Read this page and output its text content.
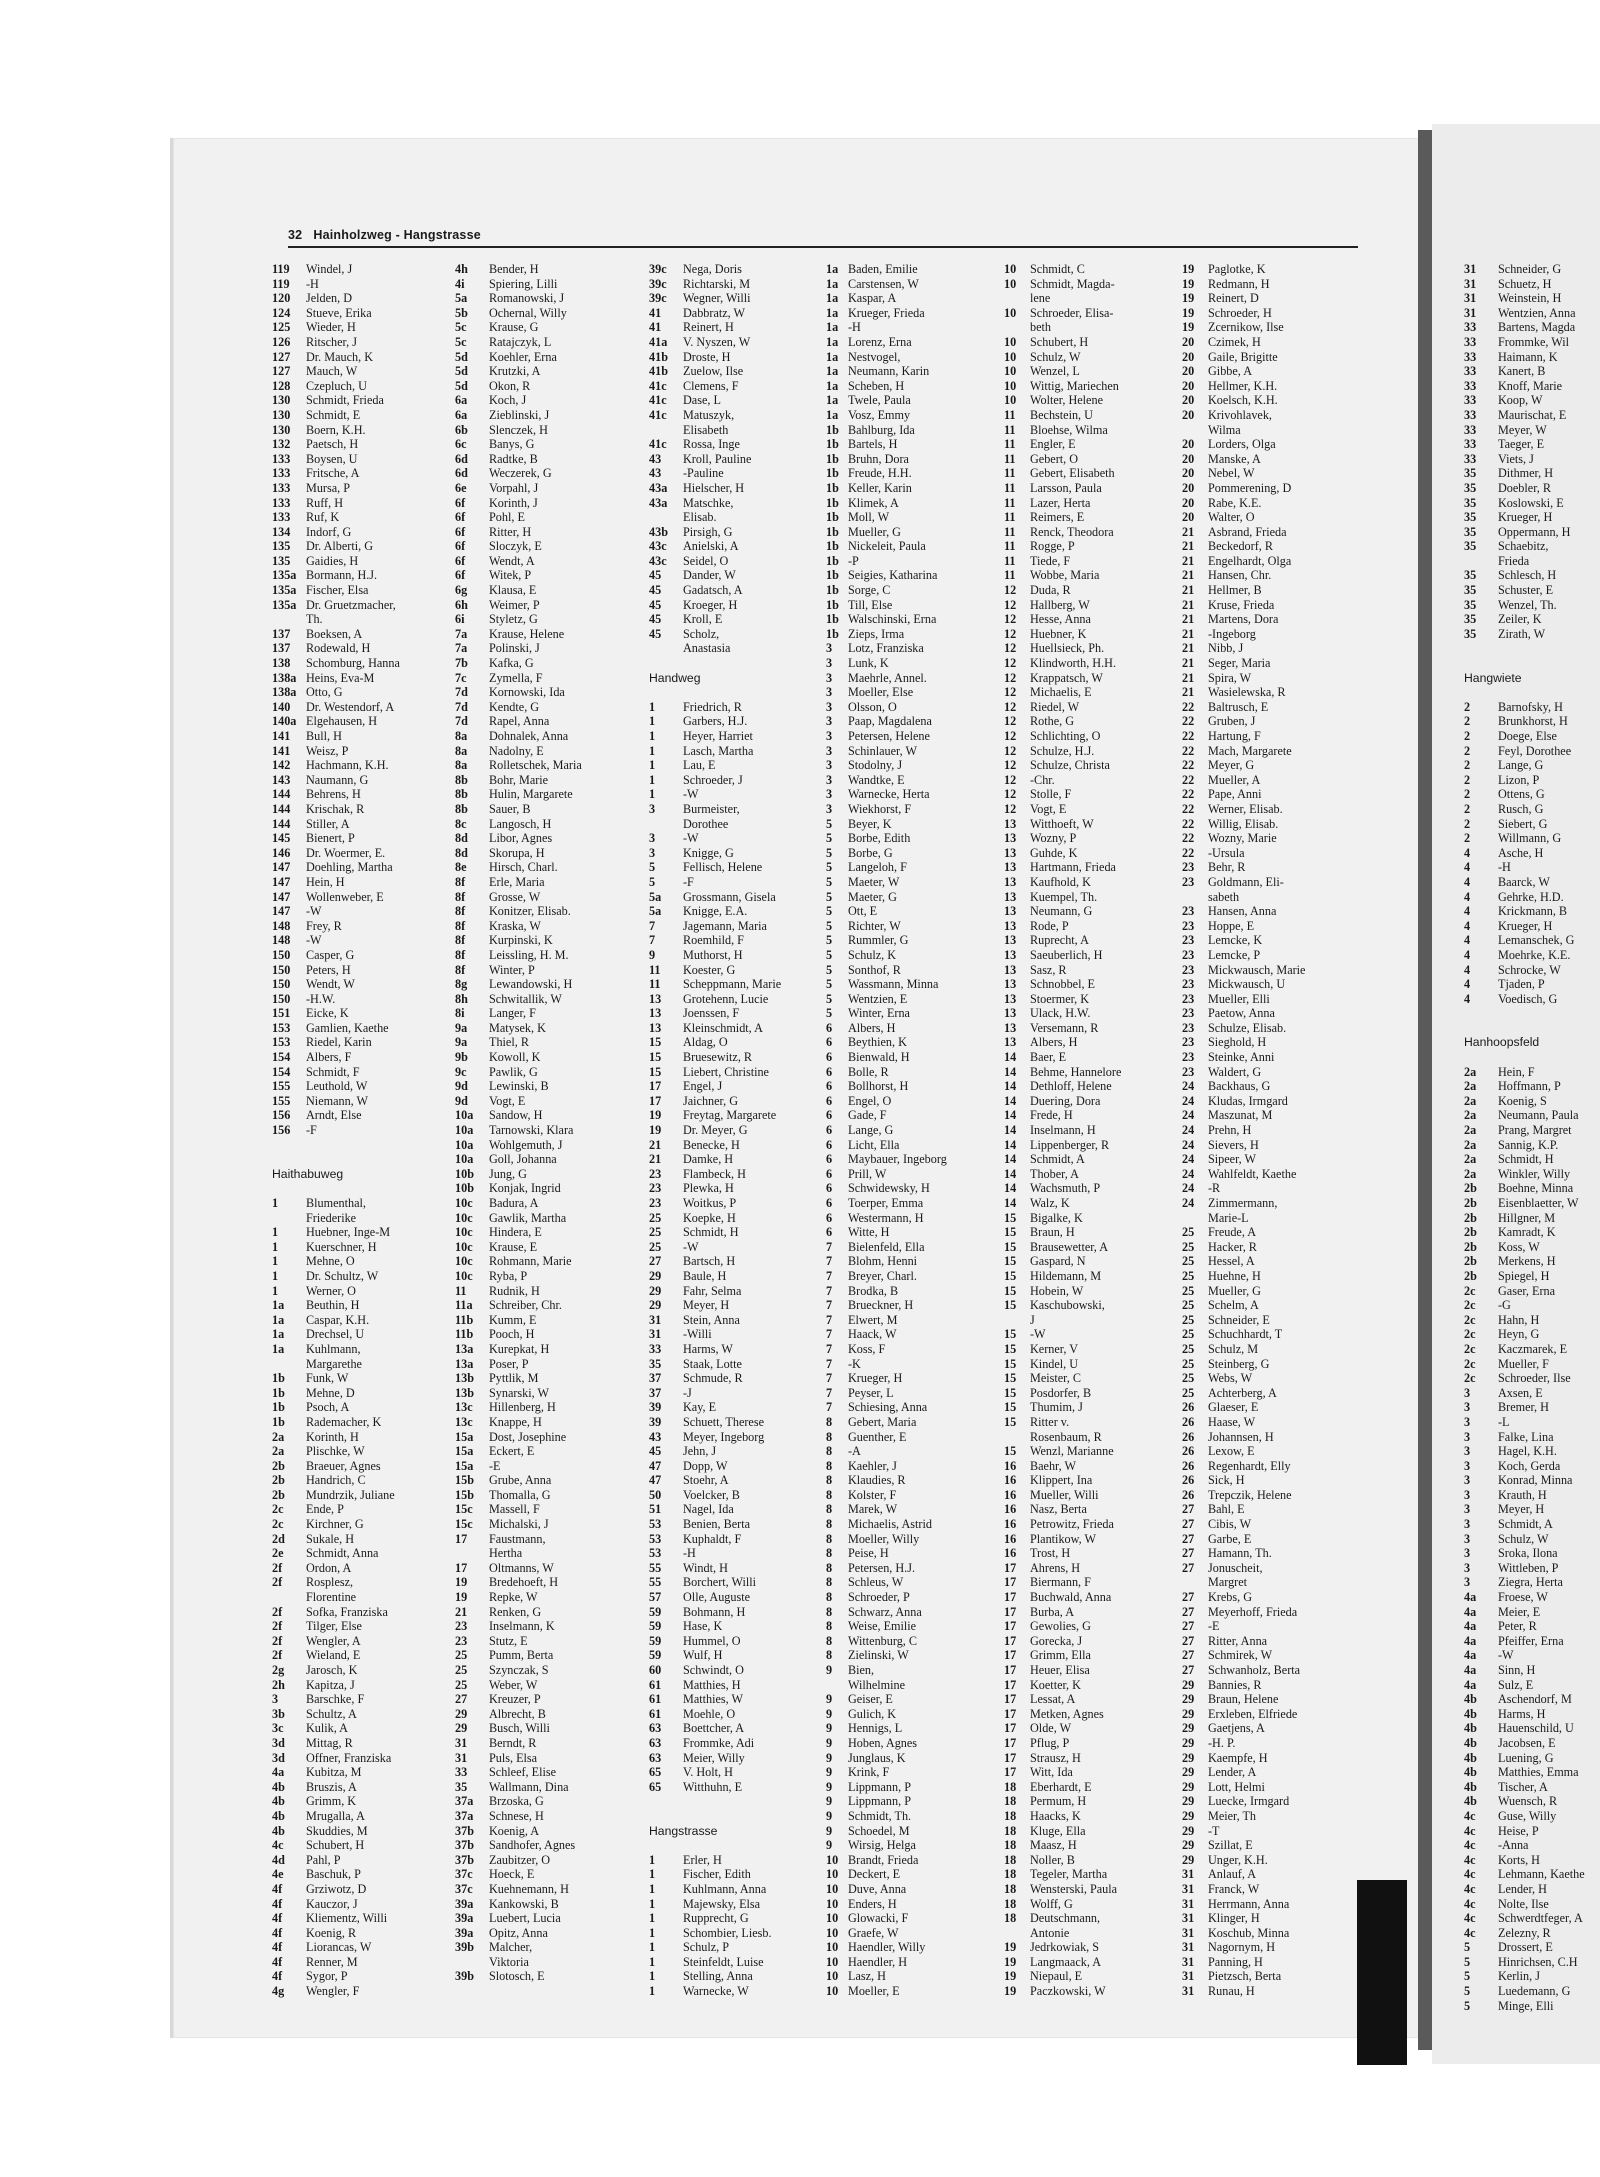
32 Hainholzweg - Hangstrasse
119	Windel, J
119	-H
120	Jelden, D
124	Stueve, Erika
125	Wieder, H
126	Ritscher, J
127	Dr. Mauch, K
127	Mauch, W
128	Czepluch, U
130	Schmidt, Frieda
130	Schmidt, E
130	Boern, K.H.
132	Paetsch, H
133	Boysen, U
133	Fritsche, A
133	Mursa, P
133	Ruff, H
133	Ruf, K
134	Indorf, G
135	Dr. Alberti, G
135	Gaidies, H
135a Bormann, H.J.
135a Fischer, Elsa
135a Dr. Gruetzmacher,
Th.
137	Boeksen, A
137	Rodewald, H
138	Schomburg, Hanna
138a Heins, Eva-M
138a Otto, G
140	Dr. Westendorf, A
140a Elgehausen, H
141	Bull, H
141	Weisz, P
142	Hachmann, K.H.
143	Naumann, G
144	Behrens, H
144	Krischak, R
144	Stiller, A
145	Bienert, P
146	Dr. Woermer, E.
147	Doehling, Martha
147	Hein, H
147	Wollenweber, E
147	-W
148	Frey, R
148	-W
150	Casper, G
150	Peters, H
150	Wendt, W
150	-H.W.
151	Eicke, K
153	Gamlien, Kaethe
153	Riedel, Karin
154	Albers, F
154	Schmidt, F
155	Leuthold, W
155	Niemann, W
156	Arndt, Else
156	-F
Haithabuweg
1	Blumenthal,
Friederike
1	Huebner, Inge-M
1	Kuerschner, H
1	Mehne, O
1	Dr. Schultz, W
1	Werner, O
1a	Beuthin, H
1a	Caspar, K.H.
1a	Drechsel, U
1a	Kuhlmann,
Margarethe
1b	Funk, W
1b	Mehne, D
1b	Psoch, A
1b	Rademacher, K
2a	Korinth, H
2a	Plischke, W
2b	Braeuer, Agnes
2b	Handrich, C
2b	Mundrzik, Juliane
2c	Ende, P
2c	Kirchner, G
2d	Sukale, H
2e	Schmidt, Anna
2f	Ordon, A
2f	Rosplesz,
Florentine
2f	Sofka, Franziska
2f	Tilger, Else
2f	Wengler, A
2f	Wieland, E
2g	Jarosch, K
2h	Kapitza, J
3	Barschke, F
3b	Schultz, A
3c	Kulik, A
3d	Mittag, R
3d	Offner, Franziska
4a	Kubitza, M
4b	Bruszis, A
4b	Grimm, K
4b	Mrugalla, A
4b	Skuddies, M
4c	Schubert, H
4d	Pahl, P
4e	Baschuk, P
4f	Grziwotz, D
4f	Kauczor, J
4f	Kliementz, Willi
4f	Koenig, R
4f	Liorancas, W
4f	Renner, M
4f	Sygor, P
4g	Wengler, F
4h	Bender, H
4i	Spiering, Lilli
5a	Romanowski, J
5b	Ochernal, Willy
5c	Krause, G
5c	Ratajczyk, L
5d	Koehler, Erna
5d	Krutzki, A
5d	Okon, R
6a	Koch, J
6a	Zieblinski, J
6b	Slenczek, H
6c	Banys, G
6d	Radtke, B
6d	Weczerek, G
6e	Vorpahl, J
6f	Korinth, J
6f	Pohl, E
6f	Ritter, H
6f	Sloczyk, E
6f	Wendt, A
6f	Witek, P
6g	Klausa, E
6h	Weimer, P
6i	Styletz, G
7a	Krause, Helene
7a	Polinski, J
7b	Kafka, G
7c	Zymella, F
7d	Kornowski, Ida
7d	Kendte, G
7d	Rapel, Anna
8a	Dohnalek, Anna
8a	Nadolny, E
8a	Rolletschek, Maria
8b	Bohr, Marie
8b	Hulin, Margarete
8b	Sauer, B
8c	Langosch, H
8d	Libor, Agnes
8d	Skorupa, H
8e	Hirsch, Charl.
8f	Erle, Maria
8f	Grosse, W
8f	Konitzer, Elisab.
8f	Kraska, W
8f	Kurpinski, K
8f	Leissling, H. M.
8f	Winter, P
8g	Lewandowski, H
8h	Schwitallik, W
8i	Langer, F
9a	Matysek, K
9a	Thiel, R
9b	Kowoll, K
9c	Pawlik, G
9d	Lewinski, B
9d	Vogt, E
10a	Sandow, H
10a	Tarnowski, Klara
10a	Wohlgemuth, J
10a	Goll, Johanna
10b	Jung, G
10b	Konjak, Ingrid
10c	Badura, A
10c	Gawlik, Martha
10c	Hindera, E
10c	Krause, E
10c	Rohmann, Marie
10c	Ryba, P
11	Rudnik, H
11a	Schreiber, Chr.
11b	Kumm, E
11b	Pooch, H
13a	Kurepkat, H
13a	Poser, P
13b	Pyttlik, M
13b	Synarski, W
13c	Hillenberg, H
13c	Knappe, H
15a	Dost, Josephine
15a	Eckert, E
15a	-E
15b	Grube, Anna
15b	Thomalla, G
15c	Massell, F
15c	Michalski, J
17	Faustmann,
Hertha
17	Oltmanns, W
19	Bredehoeft, H
19	Repke, W
21	Renken, G
23	Inselmann, K
23	Stutz, E
25	Pumm, Berta
25	Szynczak, S
25	Weber, W
27	Kreuzer, P
29	Albrecht, B
29	Busch, Willi
31	Berndt, R
31	Puls, Elsa
33	Schleef, Elise
35	Wallmann, Dina
37a	Brzoska, G
37a	Schnese, H
37b	Koenig, A
37b	Sandhofer, Agnes
37b	Zaubitzer, O
37c	Hoeck, E
37c	Kuehnemann, H
39a	Kankowski, B
39a	Luebert, Lucia
39a	Opitz, Anna
39b	Malcher,
Viktoria
39b	Slotosch, E
39c	Nega, Doris
39c	Richtarski, M
39c	Wegner, Willi
41	Dabbratz, W
41	Reinert, H
41a	V. Nyszen, W
41b	Droste, H
41b	Zuelow, Ilse
41c	Clemens, F
41c	Dase, L
41c	Matuszyk,
Elisabeth
41c	Rossa, Inge
43	Kroll, Pauline
43	-Pauline
43a	Hielscher, H
43a	Matschke,
Elisab.
43b	Pirsigh, G
43c	Anielski, A
43c	Seidel, O
45	Dander, W
45	Gadatsch, A
45	Kroeger, H
45	Kroll, E
45	Scholz,
Anastasia
Handweg
1	Friedrich, R
1	Garbers, H.J.
1	Heyer, Harriet
1	Lasch, Martha
1	Lau, E
1	Schroeder, J
1	-W
3	Burmeister,
Dorothee
3	-W
3	Knigge, G
5	Fellisch, Helene
5	-F
5a	Grossmann, Gisela
5a	Knigge, E.A.
7	Jagemann, Maria
7	Roemhild, F
9	Muthorst, H
11	Koester, G
11	Scheppmann, Marie
13	Grotehenn, Lucie
13	Joenssen, F
13	Kleinschmidt, A
15	Aldag, O
15	Bruesewitz, R
15	Liebert, Christine
17	Engel, J
17	Jaichner, G
19	Freytag, Margarete
19	Dr. Meyer, G
21	Benecke, H
21	Damke, H
23	Flambeck, H
23	Plewka, H
23	Woitkus, P
25	Koepke, H
25	Schmidt, H
25	-W
27	Bartsch, H
29	Baule, H
29	Fahr, Selma
29	Meyer, H
31	Stein, Anna
31	-Willi
33	Harms, W
35	Staak, Lotte
37	Schmude, R
37	-J
39	Kay, E
39	Schuett, Therese
43	Meyer, Ingeborg
45	Jehn, J
47	Dopp, W
47	Stoehr, A
50	Voelcker, B
51	Nagel, Ida
53	Benien, Berta
53	Kuphaldt, F
53	-H
55	Windt, H
55	Borchert, Willi
57	Olle, Auguste
59	Bohmann, H
59	Hase, K
59	Hummel, O
59	Wulf, H
60	Schwindt, O
61	Matthies, H
61	Matthies, W
61	Moehle, O
63	Boettcher, A
63	Frommke, Adi
63	Meier, Willy
65	V. Holt, H
65	Witthuhn, E
Hangstrasse
1	Erler, H
1	Fischer, Edith
1	Kuhlmann, Anna
1	Majewsky, Elsa
1	Rupprecht, G
1	Schombier, Liesb.
1	Schulz, P
1	Steinfeldt, Luise
1	Stelling, Anna
1	Warnecke, W
1a Baden, Emilie
1a Carstensen, W
1a Kaspar, A
1a Krueger, Frieda
1a -H
1a Lorenz, Erna
1a Nestvogel,
1a Neumann, Karin
1a Scheben, H
1a Twele, Paula
1a Vosz, Emmy
1b Bahlburg, Ida
1b Bartels, H
1b Bruhn, Dora
1b Freude, H.H.
1b Keller, Karin
1b Klimek, A
1b Moll, W
1b Mueller, G
1b Nickeleit, Paula
1b -P
1b Seigies, Katharina
1b Sorge, C
1b Till, Else
1b Walschinski, Erna
1b Zieps, Irma
3	Lotz, Franziska
3	Lunk, K
3	Maehrle, Annel.
3	Moeller, Else
3	Olsson, O
3	Paap, Magdalena
3	Petersen, Helene
3	Schinlauer, W
3	Stodolny, J
3	Wandtke, E
3	Warnecke, Herta
3	Wiekhorst, F
5	Beyer, K
5	Borbe, Edith
5	Borbe, G
5	Langeloh, F
5	Maeter, W
5	Maeter, G
5	Ott, E
5	Richter, W
5	Rummler, G
5	Schulz, K
5	Sonthof, R
5	Wassmann, Minna
5	Wentzien, E
5	Winter, Erna
6	Albers, H
6	Beythien, K
6	Bienwald, H
6	Bolle, R
6	Bollhorst, H
6	Engel, O
6	Gade, F
6	Lange, G
6	Licht, Ella
6	Maybauer, Ingeborg
6	Prill, W
6	Schwidewsky, H
6	Toerper, Emma
6	Westermann, H
6	Witte, H
7	Bielenfeld, Ella
7	Blohm, Henni
7	Breyer, Charl.
7	Brodka, B
7	Brueckner, H
7	Elwert, M
7	Haack, W
7	Koss, F
7	-K
7	Krueger, H
7	Peyser, L
7	Schiesing, Anna
8	Gebert, Maria
8	Guenther, E
8	-A
8	Kaehler, J
8	Klaudies, R
8	Kolster, F
8	Marek, W
8	Michaelis, Astrid
8	Moeller, Willy
8	Peise, H
8	Petersen, H.J.
8	Schleus, W
8	Schroeder, P
8	Schwarz, Anna
8	Weise, Emilie
8	Wittenburg, C
8	Zielinski, W
9	Bien,
Wilhelmine
9	Geiser, E
9	Gulich, K
9	Hennigs, L
9	Hoben, Agnes
9	Junglaus, K
9	Krink, F
9	Lippmann, P
9	Lippmann, P
9	Schmidt, Th.
9	Schoedel, M
9	Wirsig, Helga
10 Brandt, Frieda
10 Deckert, E
10 Duve, Anna
10 Enders, H
10 Glowacki, F
10 Graefe, W
10 Haendler, Willy
10 Haendler, H
10 Lasz, H
10 Moeller, E
10	Schmidt, C
10	Schmidt, Magda-
lene
10	Schroeder, Elisa-
beth
10	Schubert, H
10	Schulz, W
10	Wenzel, L
10	Wittig, Mariechen
10	Wolter, Helene
11	Bechstein, U
11	Bloehse, Wilma
11	Engler, E
11	Gebert, O
11	Gebert, Elisabeth
11	Larsson, Paula
11	Lazer, Herta
11	Reimers, E
11	Renck, Theodora
11	Rogge, P
11	Tiede, F
11	Wobbe, Maria
12	Duda, R
12	Hallberg, W
12	Hesse, Anna
12	Huebner, K
12	Huellsieck, Ph.
12	Klindworth, H.H.
12	Krappatsch, W
12	Michaelis, E
12	Riedel, W
12	Rothe, G
12	Schlichting, O
12	Schulze, H.J.
12	Schulze, Christa
12	-Chr.
12	Stolle, F
12	Vogt, E
13	Witthoeft, W
13	Wozny, P
13	Guhde, K
13	Hartmann, Frieda
13	Kaufhold, K
13	Kuempel, Th.
13	Neumann, G
13	Rode, P
13	Ruprecht, A
13	Saeuberlich, H
13	Sasz, R
13	Schnobbel, E
13	Stoermer, K
13	Ulack, H.W.
13	Versemann, R
13	Albers, H
14	Baer, E
14	Behme, Hannelore
14	Dethloff, Helene
14	Duering, Dora
14	Frede, H
14	Inselmann, H
14	Lippenberger, R
14	Schmidt, A
14	Thober, A
14	Wachsmuth, P
14	Walz, K
15	Bigalke, K
15	Braun, H
15	Brausewetter, A
15	Gaspard, N
15	Hildemann, M
15	Hobein, W
15	Kaschubowski,
J
15	-W
15	Kerner, V
15	Kindel, U
15	Meister, C
15	Posdorfer, B
15	Thumim, J
15	Ritter v.
Rosenbaum, R
15	Wenzl, Marianne
16	Baehr, W
16	Klippert, Ina
16	Mueller, Willi
16	Nasz, Berta
16	Petrowitz, Frieda
16	Plantikow, W
16	Trost, H
17	Ahrens, H
17	Biermann, F
17	Buchwald, Anna
17	Burba, A
17	Gewolies, G
17	Gorecka, J
17	Grimm, Ella
17	Heuer, Elisa
17	Koetter, K
17	Lessat, A
17	Metken, Agnes
17	Olde, W
17	Pflug, P
17	Strausz, H
17	Witt, Ida
18	Eberhardt, E
18	Permum, H
18	Haacks, K
18	Kluge, Ella
18	Maasz, H
18	Noller, B
18	Tegeler, Martha
18	Wensterski, Paula
18	Wolff, G
18	Deutschmann,
Antonie
19	Jedrkowiak, S
19	Langmaack, A
19	Niepaul, E
19	Paczkowski, W
19	Paglotke, K
19	Redmann, H
19	Reinert, D
19	Schroeder, H
19	Zcernikow, Ilse
20	Czimek, H
20	Gaile, Brigitte
20	Gibbe, A
20	Hellmer, K.H.
20	Koelsch, K.H.
20	Krivohlavek,
Wilma
20	Lorders, Olga
20	Manske, A
20	Nebel, W
20	Pommerening, D
20	Rabe, K.E.
20	Walter, O
21	Asbrand, Frieda
21	Beckedorf, R
21	Engelhardt, Olga
21	Hansen, Chr.
21	Hellmer, B
21	Kruse, Frieda
21	Martens, Dora
21	-Ingeborg
21	Nibb, J
21	Seger, Maria
21	Spira, W
21	Wasielewska, R
22	Baltrusch, E
22	Gruben, J
22	Hartung, F
22	Mach, Margarete
22	Meyer, G
22	Mueller, A
22	Pape, Anni
22	Werner, Elisab.
22	Willig, Elisab.
22	Wozny, Marie
22	-Ursula
23	Behr, R
23	Goldmann, Eli-
sabeth
23	Hansen, Anna
23	Hoppe, E
23	Lemcke, K
23	Lemcke, P
23	Mickwausch, Marie
23	Mickwausch, U
23	Mueller, Elli
23	Paetow, Anna
23	Schulze, Elisab.
23	Sieghold, H
23	Steinke, Anni
23	Waldert, G
24	Backhaus, G
24	Kludas, Irmgard
24	Maszunat, M
24	Prehn, H
24	Sievers, H
24	Sipeer, W
24	Wahlfeldt, Kaethe
24	-R
24	Zimmermann,
Marie-L
25	Freude, A
25	Hacker, R
25	Hessel, A
25	Huehne, H
25	Mueller, G
25	Schelm, A
25	Schneider, E
25	Schuchhardt, T
25	Schulz, M
25	Steinberg, G
25	Webs, W
25	Achterberg, A
26	Glaeser, E
26	Haase, W
26	Johannsen, H
26	Lexow, E
26	Regenhardt, Elly
26	Sick, H
26	Trepczik, Helene
27	Bahl, E
27	Cibis, W
27	Garbe, E
27	Hamann, Th.
27	Jonuscheit,
Margret
27	Krebs, G
27	Meyerhoff, Frieda
27	-E
27	Ritter, Anna
27	Schmirek, W
27	Schwanholz, Berta
29	Bannies, R
29	Braun, Helene
29	Erxleben, Elfriede
29	Gaetjens, A
29	-H. P.
29	Kaempfe, H
29	Lender, A
29	Lott, Helmi
29	Luecke, Irmgard
29	Meier, Th
29	-T
29	Szillat, E
29	Unger, K.H.
31	Anlauf, A
31	Franck, W
31	Herrmann, Anna
31	Klinger, H
31	Koschub, Minna
31	Nagornym, H
31	Panning, H
31	Pietzsch, Berta
31	Runau, H
31	Schneider, G
31	Schuetz, H
31	Weinstein, H
31	Wentzien, Anna
33	Bartens, Magda
33	Frommke, Wil
33	Haimann, K
33	Kanert, B
33	Knoff, Marie
33	Koop, W
33	Maurischat, E
33	Meyer, W
33	Taeger, E
33	Viets, J
35	Dithmer, H
35	Doebler, R
35	Koslowski, E
35	Krueger, H
35	Oppermann, H
35	Schaebitz,
Frieda
35	Schlesch, H
35	Schuster, E
35	Wenzel, Th.
35	Zeiler, K
35	Zirath, W
Hangwiete
2	Barnofsky, H
2	Brunkhorst, H
2	Doege, Else
2	Feyl, Dorothee
2	Lange, G
2	Lizon, P
2	Ottens, G
2	Rusch, G
2	Siebert, G
2	Willmann, G
4	Asche, H
4	-H
4	Baarck, W
4	Gehrke, H.D.
4	Krickmann, B
4	Krueger, H
4	Lemanschek, G
4	Moehrke, K.E.
4	Schrocke, W
4	Tjaden, P
4	Voedisch, G
Hanhoopsfeld
2a	Hein, F
2a	Hoffmann, P
2a	Koenig, S
2a	Neumann, Paula
2a	Prang, Margret
2a	Sannig, K.P.
2a	Schmidt, H
2a	Winkler, Willy
2b	Boehne, Minna
2b	Eisenblaetter, W
2b	Hillgner, M
2b	Kamradt, K
2b	Koss, W
2b	Merkens, H
2b	Spiegel, H
2c	Gaser, Erna
2c	-G
2c	Hahn, H
2c	Heyn, G
2c	Kaczmarek, E
2c	Mueller, F
2c	Schroeder, Ilse
3	Axsen, E
3	Bremer, H
3	-L
3	Falke, Lina
3	Hagel, K.H.
3	Koch, Gerda
3	Konrad, Minna
3	Krauth, H
3	Meyer, H
3	Schmidt, A
3	Schulz, W
3	Sroka, Ilona
3	Wittleben, P
3	Ziegra, Herta
4a	Froese, W
4a	Meier, E
4a	Peter, R
4a	Pfeiffer, Erna
4a	-W
4a	Sinn, H
4a	Sulz, E
4b	Aschendorf, M
4b	Harms, H
4b	Hauenschild, U
4b	Jacobsen, E
4b	Luening, G
4b	Matthies, Emma
4b	Tischer, A
4b	Wuensch, R
4c	Guse, Willy
4c	Heise, P
4c	-Anna
4c	Korts, H
4c	Lehmann, Kaethe
4c	Lender, H
4c	Nolte, Ilse
4c	Schwerdtfeger, A
4c	Zelezny, R
5	Drossert, E
5	Hinrichsen, C.H
5	Kerlin, J
5	Luedemann, G
5	Minge, Elli
